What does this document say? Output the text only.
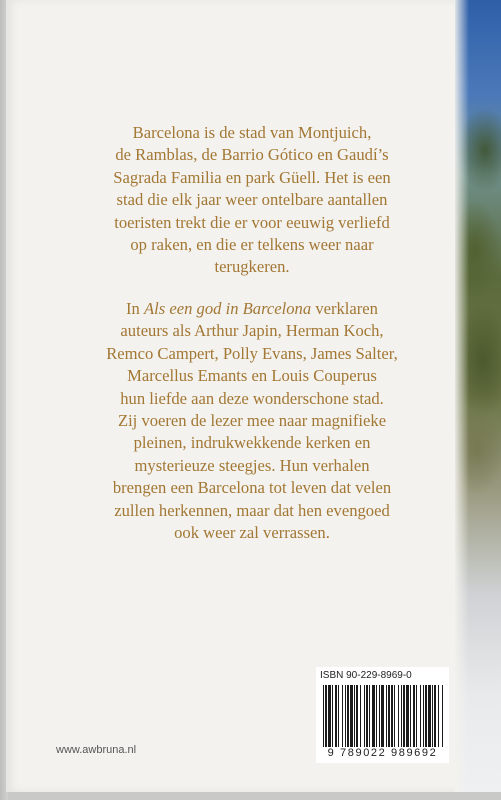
Barcelona is de stad van Montjuich,
de Ramblas, de Barrio Gótico en Gaudí’s
Sagrada Familia en park Güell. Het is een
stad die elk jaar weer ontelbare aantallen
toeristen trekt die er voor eeuwig verliefd
op raken, en die er telkens weer naar
terugkeren.

In Als een god in Barcelona verklaren
auteurs als Arthur Japin, Herman Koch,
Remco Campert, Polly Evans, James Salter,
Marcellus Emants en Louis Couperus
hun liefde aan deze wonderschone stad.
Zij voeren de lezer mee naar magnifieke
pleinen, indrukwekkende kerken en
mysterieuze steegjes. Hun verhalen
brengen een Barcelona tot leven dat velen
zullen herkennen, maar dat hen evengoed
ook weer zal verrassen.

ISBN 90-229-8969-0
9 789022 989692
www.awbruna.nl
